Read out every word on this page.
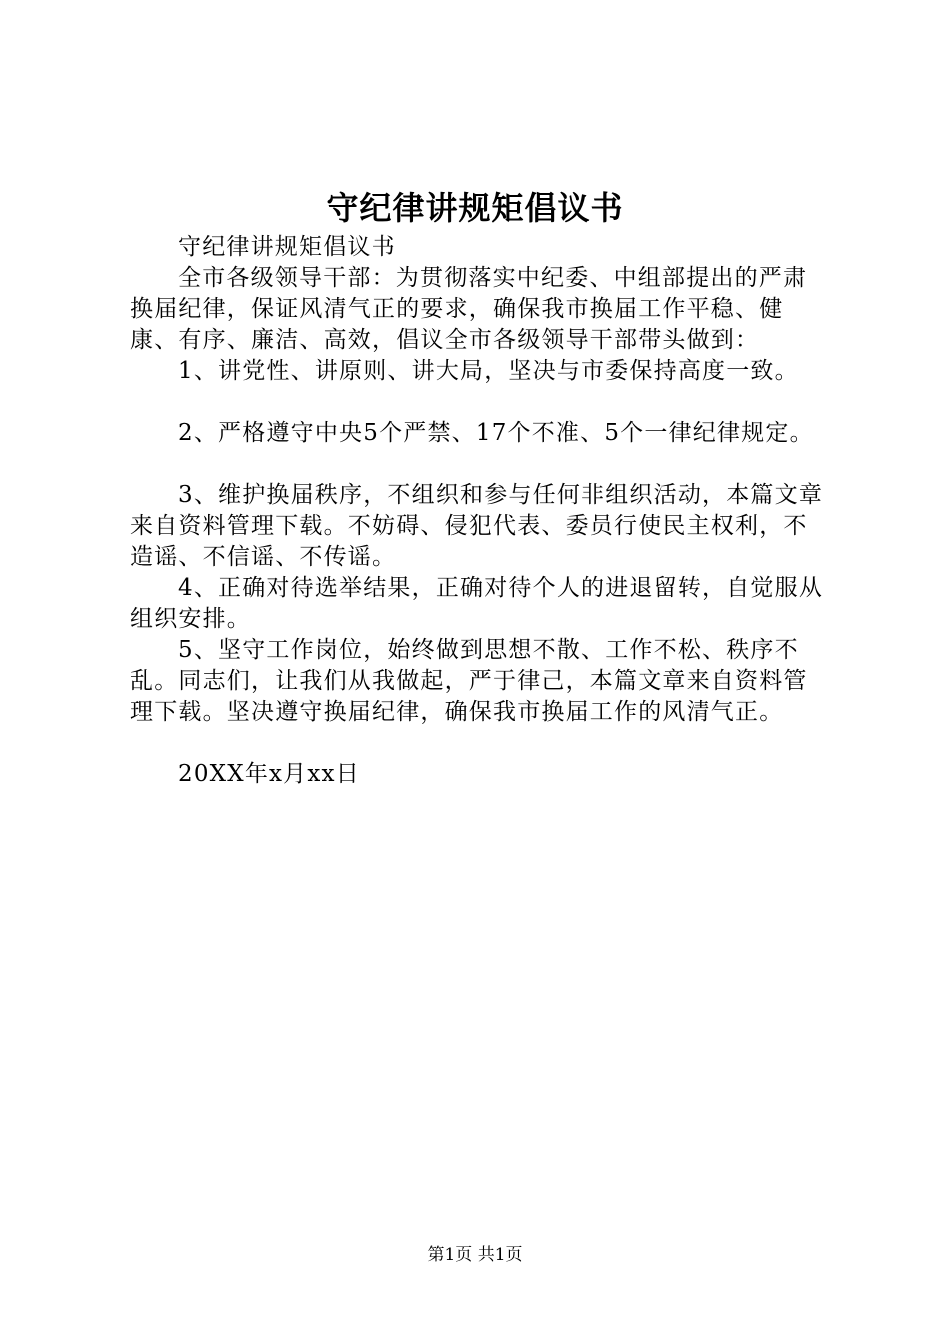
守纪律讲规矩倡议书

守纪律讲规矩倡议书

全市各级领导干部：为贯彻落实中纪委、中组部提出的严肃换届纪律，保证风清气正的要求，确保我市换届工作平稳、健康、有序、廉洁、高效，倡议全市各级领导干部带头做到：

1、讲党性、讲原则、讲大局，坚决与市委保持高度一致。

2、严格遵守中央5个严禁、17个不准、5个一律纪律规定。

3、维护换届秩序，不组织和参与任何非组织活动，本篇文章来自资料管理下载。不妨碍、侵犯代表、委员行使民主权利，不造谣、不信谣、不传谣。

4、正确对待选举结果，正确对待个人的进退留转，自觉服从组织安排。

5、坚守工作岗位，始终做到思想不散、工作不松、秩序不乱。同志们，让我们从我做起，严于律己，本篇文章来自资料管理下载。坚决遵守换届纪律，确保我市换届工作的风清气正。

20XX年x月xx日

第1页 共1页
